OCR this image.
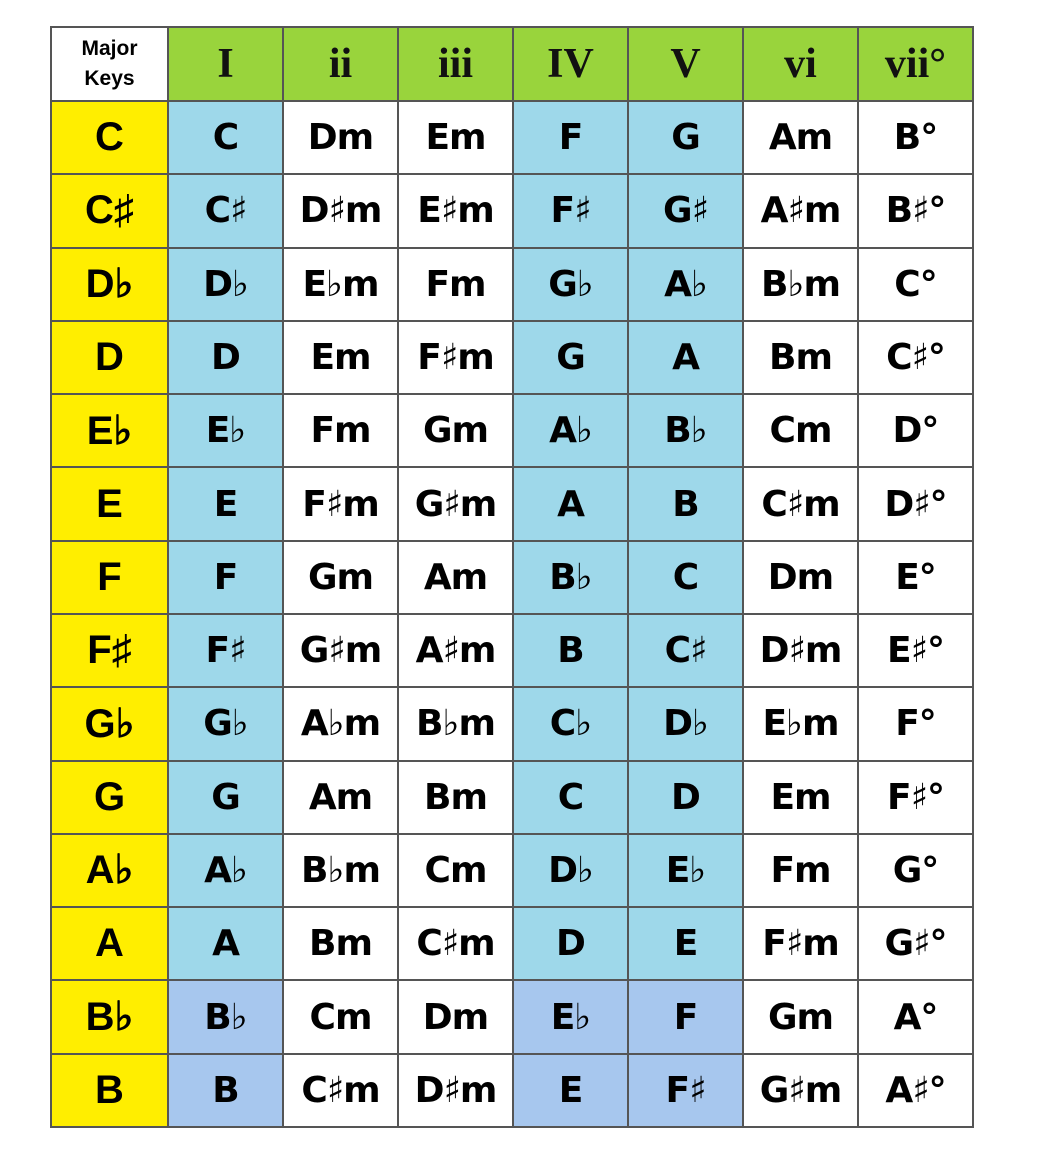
Major
Keys	I	ii	iii	IV	V	vi	vii°
C	C	Dm	Em	F	G	Am	B°
C♯	C♯	D♯m	E♯m	F♯	G♯	A♯m	B♯°
D♭	D♭	E♭m	Fm	G♭	A♭	B♭m	C°
D	D	Em	F♯m	G	A	Bm	C♯°
E♭	E♭	Fm	Gm	A♭	B♭	Cm	D°
E	E	F♯m	G♯m	A	B	C♯m	D♯°
F	F	Gm	Am	B♭	C	Dm	E°
F♯	F♯	G♯m	A♯m	B	C♯	D♯m	E♯°
G♭	G♭	A♭m	B♭m	C♭	D♭	E♭m	F°
G	G	Am	Bm	C	D	Em	F♯°
A♭	A♭	B♭m	Cm	D♭	E♭	Fm	G°
A	A	Bm	C♯m	D	E	F♯m	G♯°
B♭	B♭	Cm	Dm	E♭	F	Gm	A°
B	B	C♯m	D♯m	E	F♯	G♯m	A♯°
